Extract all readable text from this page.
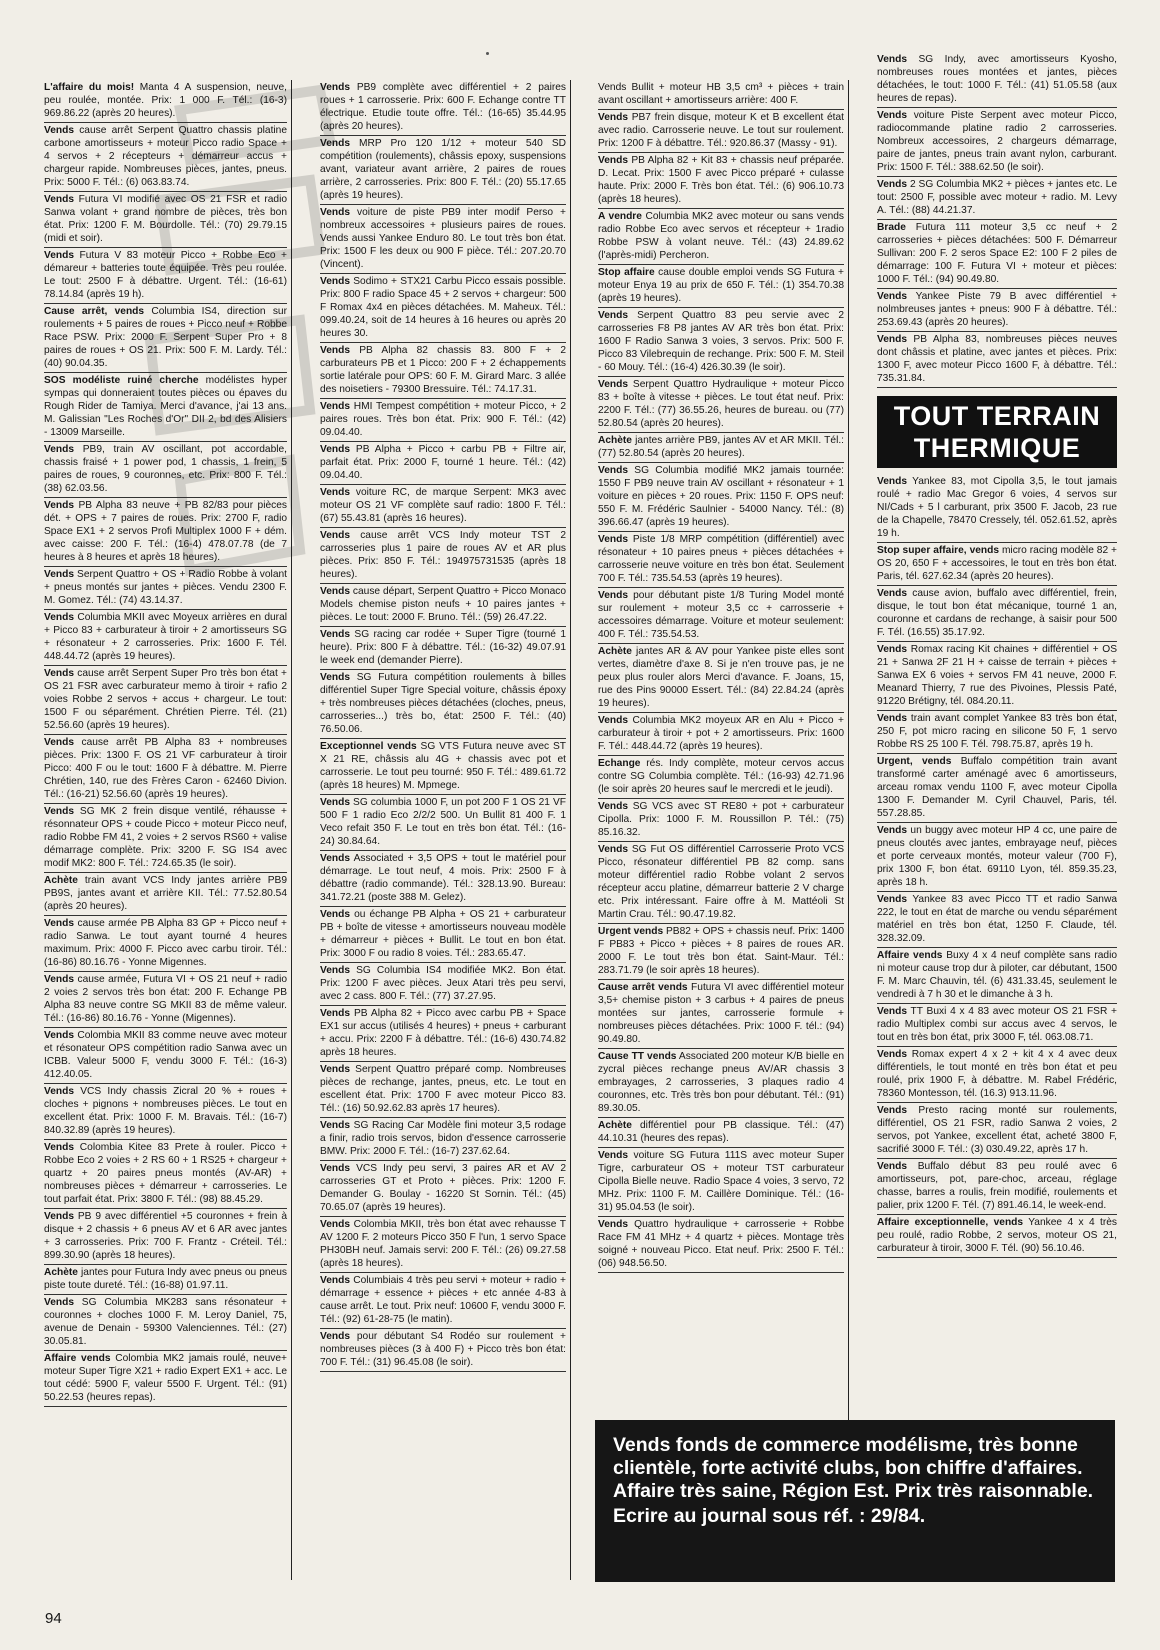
L'affaire du mois! Manta 4 A suspension, neuve, peu roulée, montée. Prix: 1 000 F. Tél.: (16-3) 969.86.22 (après 20 heures).

Vends cause arrêt Serpent Quattro chassis platine carbone amortisseurs + moteur Picco radio Space + 4 servos + 2 récepteurs + démarreur accus + chargeur rapide. Nombreuses pièces, jantes, pneus. Prix: 5000 F. Tél.: (6) 063.83.74.

Vends Futura VI modifié avec OS 21 FSR et radio Sanwa volant + grand nombre de pièces, très bon état. Prix: 1200 F. M. Bourdolle. Tél.: (70) 29.79.15 (midi et soir).

Vends Futura V 83 moteur Picco + Robbe Eco + démareur + batteries toute équipée. Très peu roulée. Le tout: 2500 F à débattre. Urgent. Tél.: (16-61) 78.14.84 (après 19 h).

Cause arrêt, vends Columbia IS4, direction sur roulements + 5 paires de roues + Picco neuf + Robbe Race PSW. Prix: 2000 F. Serpent Super Pro + 8 paires de roues + OS 21. Prix: 500 F. M. Lardy. Tél.: (40) 90.04.35.

SOS modéliste ruiné cherche modélistes hyper sympas qui donneraient toutes pièces ou épaves du Rough Rider de Tamiya. Merci d'avance, j'ai 13 ans. M. Galissian "Les Roches d'Or" DII 2, bd des Alisiers - 13009 Marseille.

Vends PB9, train AV oscillant, pot accordable, chassis fraisé + 1 power pod, 1 chassis, 1 frein, 5 paires de roues, 9 couronnes, etc. Prix: 800 F. Tél.: (38) 62.03.56.

Vends PB Alpha 83 neuve + PB 82/83 pour pièces dét. + OPS + 7 paires de roues. Prix: 2700 F, radio Space EX1 + 2 servos Profi Multiplex 1000 F + dém. avec caisse: 200 F. Tél.: (16-4) 478.07.78 (de 7 heures à 8 heures et après 18 heures).

Vends Serpent Quattro + OS + Radio Robbe à volant + pneus montés sur jantes + pièces. Vendu 2300 F. M. Gomez. Tél.: (74) 43.14.37.

Vends Columbia MKII avec Moyeux arrières en dural + Picco 83 + carburateur à tiroir + 2 amortisseurs SG + résonateur + 2 carrosseries. Prix: 1600 F. Tél. 448.44.72 (après 19 heures).

Vends cause arrêt Serpent Super Pro très bon état + OS 21 FSR avec carburateur memo à tiroir + rafio 2 voies Robbe 2 servos + accus + chargeur. Le tout: 1500 F ou séparément. Chrétien Pierre. Tél. (21) 52.56.60 (après 19 heures).

Vends cause arrêt PB Alpha 83 + nombreuses pièces. Prix: 1300 F. OS 21 VF carburateur à tiroir Picco: 400 F ou le tout: 1600 F à débattre. M. Pierre Chrétien, 140, rue des Frères Caron - 62460 Divion. Tél.: (16-21) 52.56.60 (après 19 heures).

Vends SG MK 2 frein disque ventilé, réhausse + résonnateur OPS + coude Picco + moteur Picco neuf, radio Robbe FM 41, 2 voies + 2 servos RS60 + valise démarrage complète. Prix: 3200 F. SG IS4 avec modif MK2: 800 F. Tél.: 724.65.35 (le soir).

Achète train avant VCS Indy jantes arrière PB9 PB9S, jantes avant et arrière KII. Tél.: 77.52.80.54 (après 20 heures).

Vends cause armée PB Alpha 83 GP + Picco neuf + radio Sanwa. Le tout ayant tourné 4 heures maximum. Prix: 4000 F. Picco avec carbu tiroir. Tél.: (16-86) 80.16.76 - Yonne Migennes.

Vends cause armée, Futura VI + OS 21 neuf + radio 2 voies 2 servos très bon état: 200 F. Echange PB Alpha 83 neuve contre SG MKII 83 de même valeur. Tél.: (16-86) 80.16.76 - Yonne (Migennes).

Vends Colombia MKII 83 comme neuve avec moteur et résonateur OPS compétition radio Sanwa avec un ICBB. Valeur 5000 F, vendu 3000 F. Tél.: (16-3) 412.40.05.

Vends VCS Indy chassis Zicral 20 % + roues + cloches + pignons + nombreuses pièces. Le tout en excellent état. Prix: 1000 F. M. Bravais. Tél.: (16-7) 840.32.89 (après 19 heures).

Vends Colombia Kitee 83 Prete à rouler. Picco + Robbe Eco 2 voies + 2 RS 60 + 1 RS25 + chargeur + quartz + 20 paires pneus montés (AV-AR) + nombreuses pièces + démarreur + carrosseries. Le tout parfait état. Prix: 3800 F. Tél.: (98) 88.45.29.

Vends PB 9 avec différentiel +5 couronnes + frein à disque + 2 chassis + 6 pneus AV et 6 AR avec jantes + 3 carrosseries. Prix: 700 F. Frantz - Créteil. Tél.: 899.30.90 (après 18 heures).

Achète jantes pour Futura Indy avec pneus ou pneus piste toute dureté. Tél.: (16-88) 01.97.11.

Vends SG Columbia MK283 sans résonateur + couronnes + cloches 1000 F. M. Leroy Daniel, 75, avenue de Denain - 59300 Valenciennes. Tél.: (27) 30.05.81.

Affaire vends Colombia MK2 jamais roulé, neuve+ moteur Super Tigre X21 + radio Expert EX1 + acc. Le tout cédé: 5900 F, valeur 5500 F. Urgent. Tél.: (91) 50.22.53 (heures repas).

Vends PB9 complète avec différentiel + 2 paires roues + 1 carrosserie. Prix: 600 F. Echange contre TT électrique. Etudie toute offre. Tél.: (16-65) 35.44.95 (après 20 heures).

Vends MRP Pro 120 1/12 + moteur 540 SD compétition (roulements), châssis epoxy, suspensions avant, variateur avant arrière, 2 paires de roues arrière, 2 carrosseries. Prix: 800 F. Tél.: (20) 55.17.65 (après 19 heures).

Vends voiture de piste PB9 inter modif Perso + nombreux accessoires + plusieurs paires de roues. Vends aussi Yankee Enduro 80. Le tout très bon état. Prix: 1500 F les deux ou 900 F pièce. Tél.: 207.20.70 (Vincent).

Vends Sodimo + STX21 Carbu Picco essais possible. Prix: 800 F radio Space 45 + 2 servos + chargeur: 500 F Romax 4x4 en pièces détachées. M. Maheux. Tél.: 099.40.24, soit de 14 heures à 16 heures ou après 20 heures 30.

Vends PB Alpha 82 chassis 83. 800 F + 2 carburateurs PB et 1 Picco: 200 F + 2 échappements sortie latérale pour OPS: 60 F. M. Girard Marc. 3 allée des noisetiers - 79300 Bressuire. Tél.: 74.17.31.

Vends HMI Tempest compétition + moteur Picco, + 2 paires roues. Très bon état. Prix: 900 F. Tél.: (42) 09.04.40.

Vends PB Alpha + Picco + carbu PB + Filtre air, parfait état. Prix: 2000 F, tourné 1 heure. Tél.: (42) 09.04.40.

Vends voiture RC, de marque Serpent: MK3 avec moteur OS 21 VF complète sauf radio: 1800 F. Tél.: (67) 55.43.81 (après 16 heures).

Vends cause arrêt VCS Indy moteur TST 2 carrosseries plus 1 paire de roues AV et AR plus pièces. Prix: 850 F. Tél.: 194975731535 (après 18 heures).

Vends cause départ, Serpent Quattro + Picco Monaco Models chemise piston neufs + 10 paires jantes + pièces. Le tout: 2000 F. Bruno. Tél.: (59) 26.47.22.

Vends SG racing car rodée + Super Tigre (tourné 1 heure). Prix: 800 F à débattre. Tél.: (16-32) 49.07.91 le week end (demander Pierre).

Vends SG Futura compétition roulements à billes différentiel Super Tigre Special voiture, châssis époxy + très nombreuses pièces détachées (cloches, pneus, carrosseries...) très bo, état: 2500 F. Tél.: (40) 76.50.06.

Exceptionnel vends SG VTS Futura neuve avec ST X 21 RE, châssis alu 4G + chassis avec pot et carrosserie. Le tout peu tourné: 950 F. Tél.: 489.61.72 (après 18 heures) M. Mpmege.

Vends SG columbia 1000 F, un pot 200 F 1 OS 21 VF 500 F 1 radio Eco 2/2/2 500. Un Bullit 81 400 F. 1 Veco refait 350 F. Le tout en très bon état. Tél.: (16-24) 30.84.64.

Vends Associated + 3,5 OPS + tout le matériel pour démarrage. Le tout neuf, 4 mois. Prix: 2500 F à débattre (radio commande). Tél.: 328.13.90. Bureau: 341.72.21 (poste 388 M. Gelez).

Vends ou échange PB Alpha + OS 21 + carburateur PB + boîte de vitesse + amortisseurs nouveau modèle + démarreur + pièces + Bullit. Le tout en bon état. Prix: 3000 F ou radio 8 voies. Tél.: 283.65.47.

Vends SG Columbia IS4 modifiée MK2. Bon état. Prix: 1200 F avec pièces. Jeux Atari très peu servi, avec 2 cass. 800 F. Tél.: (77) 37.27.95.

Vends PB Alpha 82 + Picco avec carbu PB + Space EX1 sur accus (utilisés 4 heures) + pneus + carburant + accu. Prix: 2200 F à débattre. Tél.: (16-6) 430.74.82 après 18 heures.

Vends Serpent Quattro préparé comp. Nombreuses pièces de rechange, jantes, pneus, etc. Le tout en escellent état. Prix: 1700 F avec moteur Picco 83. Tél.: (16) 50.92.62.83 après 17 heures).

Vends SG Racing Car Modèle fini moteur 3,5 rodage a finir, radio trois servos, bidon d'essence carrosserie BMW. Prix: 2000 F. Tél.: (16-7) 237.62.64.

Vends VCS Indy peu servi, 3 paires AR et AV 2 carrosseries GT et Proto + pièces. Prix: 1200 F. Demander G. Boulay - 16220 St Sornin. Tél.: (45) 70.65.07 (après 19 heures).

Vends Colombia MKII, très bon état avec rehausse T AV 1200 F. 2 moteurs Picco 350 F l'un, 1 servo Space PH30BH neuf. Jamais servi: 200 F. Tél.: (26) 09.27.58 (après 18 heures).

Vends Columbiais 4 très peu servi + moteur + radio + démarrage + essence + pièces + etc année 4-83 à cause arrêt. Le tout. Prix neuf: 10600 F, vendu 3000 F. Tél.: (92) 61-28-75 (le matin).

Vends pour débutant S4 Rodéo sur roulement + nombreuses pièces (3 à 400 F) + Picco très bon état: 700 F. Tél.: (31) 96.45.08 (le soir).

Vends Bullit + moteur HB 3,5 cm³ + pièces + train avant oscillant + amortisseurs arrière: 400 F.

Vends PB7 frein disque, moteur K et B excellent état avec radio. Carrosserie neuve. Le tout sur roulement. Prix: 1200 F à débattre. Tél.: 920.86.37 (Massy - 91).

Vends PB Alpha 82 + Kit 83 + chassis neuf préparée. D. Lecat. Prix: 1500 F avec Picco préparé + culasse haute. Prix: 2000 F. Très bon état. Tél.: (6) 906.10.73 (après 18 heures).

A vendre Columbia MK2 avec moteur ou sans vends radio Robbe Eco avec servos et récepteur + 1radio Robbe PSW à volant neuve. Tél.: (43) 24.89.62 (l'après-midi) Percheron.

Stop affaire cause double emploi vends SG Futura + moteur Enya 19 au prix de 650 F. Tél.: (1) 354.70.38 (après 19 heures).

Vends Serpent Quattro 83 peu servie avec 2 carrosseries F8 P8 jantes AV AR très bon état. Prix: 1600 F Radio Sanwa 3 voies, 3 servos. Prix: 500 F. Picco 83 Vilebrequin de rechange. Prix: 500 F. M. Steil - 60 Mouy. Tél.: (16-4) 426.30.39 (le soir).

Vends Serpent Quattro Hydraulique + moteur Picco 83 + boîte à vitesse + pièces. Le tout état neuf. Prix: 2200 F. Tél.: (77) 36.55.26, heures de bureau. ou (77) 52.80.54 (après 20 heures).

Achète jantes arrière PB9, jantes AV et AR MKII. Tél.: (77) 52.80.54 (après 20 heures).

Vends SG Columbia modifié MK2 jamais tournée: 1550 F PB9 neuve train AV oscillant + résonateur + 1 voiture en pièces + 20 roues. Prix: 1150 F. OPS neuf: 550 F. M. Frédéric Saulnier - 54000 Nancy. Tél.: (8) 396.66.47 (après 19 heures).

Vends Piste 1/8 MRP compétition (différentiel) avec résonateur + 10 paires pneus + pièces détachées + carrosserie neuve voiture en très bon état. Seulement 700 F. Tél.: 735.54.53 (après 19 heures).

Vends pour débutant piste 1/8 Turing Model monté sur roulement + moteur 3,5 cc + carrosserie + accessoires démarrage. Voiture et moteur seulement: 400 F. Tél.: 735.54.53.

Achète jantes AR & AV pour Yankee piste elles sont vertes, diamètre d'axe 8. Si je n'en trouve pas, je ne peux plus rouler alors Merci d'avance. F. Joans, 15, rue des Pins 90000 Essert. Tél.: (84) 22.84.24 (après 19 heures).

Vends Columbia MK2 moyeux AR en Alu + Picco + carburateur à tiroir + pot + 2 amortisseurs. Prix: 1600 F. Tél.: 448.44.72 (après 19 heures).

Echange rés. Indy complète, moteur cervos accus contre SG Columbia complète. Tél.: (16-93) 42.71.96 (le soir après 20 heures sauf le mercredi et le jeudi).

Vends SG VCS avec ST RE80 + pot + carburateur Cipolla. Prix: 1000 F. M. Roussillon P. Tél.: (75) 85.16.32.

Vends SG Fut OS différentiel Carrosserie Proto VCS Picco, résonateur différentiel PB 82 comp. sans moteur différentiel radio Robbe volant 2 servos récepteur accu platine, démarreur batterie 2 V charge etc. Prix intéressant. Faire offre à M. Mattéoli St Martin Crau. Tél.: 90.47.19.82.

Urgent vends PB82 + OPS + chassis neuf. Prix: 1400 F PB83 + Picco + pièces + 8 paires de roues AR. 2000 F. Le tout très bon état. Saint-Maur. Tél.: 283.71.79 (le soir après 18 heures).

Cause arrêt vends Futura VI avec différentiel moteur 3,5+ chemise piston + 3 carbus + 4 paires de pneus montées sur jantes, carrosserie formule + nombreuses pièces détachées. Prix: 1000 F. tél.: (94) 90.49.80.

Cause TT vends Associated 200 moteur K/B bielle en zycral pièces rechange pneus AV/AR chassis 3 embrayages, 2 carrosseries, 3 plaques radio 4 couronnes, etc. Très très bon pour débutant. Tél.: (91) 89.30.05.

Achète différentiel pour PB classique. Tél.: (47) 44.10.31 (heures des repas).

Vends voiture SG Futura 111S avec moteur Super Tigre, carburateur OS + moteur TST carburateur Cipolla Bielle neuve. Radio Space 4 voies, 3 servo, 72 MHz. Prix: 1100 F. M. Caillère Dominique. Tél.: (16-31) 95.04.53 (le soir).

Vends Quattro hydraulique + carrosserie + Robbe Race FM 41 MHz + 4 quartz + pièces. Montage très soigné + nouveau Picco. Etat neuf. Prix: 2500 F. Tél.: (06) 948.56.50.

Vends SG Indy, avec amortisseurs Kyosho, nombreuses roues montées et jantes, pièces détachées, le tout: 1000 F. Tél.: (41) 51.05.58 (aux heures de repas).

Vends voiture Piste Serpent avec moteur Picco, radiocommande platine radio 2 carrosseries. Nombreux accessoires, 2 chargeurs démarrage, paire de jantes, pneus train avant nylon, carburant. Prix: 1500 F. Tél.: 388.62.50 (le soir).

Vends 2 SG Columbia MK2 + pièces + jantes etc. Le tout: 2500 F, possible avec moteur + radio. M. Levy A. Tél.: (88) 44.21.37.

Brade Futura 111 moteur 3,5 cc neuf + 2 carrosseries + pièces détachées: 500 F. Démarreur Sullivan: 200 F. 2 seros Space E2: 100 F 2 piles de démarrage: 100 F. Futura VI + moteur et pièces: 1000 F. Tél.: (94) 90.49.80.

Vends Yankee Piste 79 B avec différentiel + nolmbreuses jantes + pneus: 900 F à débattre. Tél.: 253.69.43 (après 20 heures).

Vends PB Alpha 83, nombreuses pièces neuves dont châssis et platine, avec jantes et pièces. Prix: 1300 F, avec moteur Picco 1600 F, à débattre. Tél.: 735.31.84.

TOUT TERRAIN
THERMIQUE

Vends Yankee 83, mot Cipolla 3,5, le tout jamais roulé + radio Mac Gregor 6 voies, 4 servos sur NI/Cads + 5 l carburant, prix 3500 F. Jacob, 23 rue de la Chapelle, 78470 Cressely, tél. 052.61.52, après 19 h.

Stop super affaire, vends micro racing modèle 82 + OS 20, 650 F + accessoires, le tout en très bon état. Paris, tél. 627.62.34 (après 20 heures).

Vends cause avion, buffalo avec différentiel, frein, disque, le tout bon état mécanique, tourné 1 an, couronne et cardans de rechange, à saisir pour 500 F. Tél. (16.55) 35.17.92.

Vends Romax racing Kit chaines + différentiel + OS 21 + Sanwa 2F 21 H + caisse de terrain + pièces + Sanwa EX 6 voies + servos FM 41 neuve, 2000 F. Meanard Thierry, 7 rue des Pivoines, Plessis Paté, 91220 Brétigny, tél. 084.20.11.

Vends train avant complet Yankee 83 très bon état, 250 F, pot micro racing en silicone 50 F, 1 servo Robbe RS 25 100 F. Tél. 798.75.87, après 19 h.

Urgent, vends Buffalo compétition train avant transformé carter aménagé avec 6 amortisseurs, arceau romax vendu 1100 F, avec moteur Cipolla 1300 F. Demander M. Cyril Chauvel, Paris, tél. 557.28.85.

Vends un buggy avec moteur HP 4 cc, une paire de pneus cloutés avec jantes, embrayage neuf, pièces et porte cerveaux montés, moteur valeur (700 F), prix 1300 F, bon état. 69110 Lyon, tél. 859.35.23, après 18 h.

Vends Yankee 83 avec Picco TT et radio Sanwa 222, le tout en état de marche ou vendu séparément matériel en très bon état, 1250 F. Claude, tél. 328.32.09.

Affaire vends Buxy 4 x 4 neuf complète sans radio ni moteur cause trop dur à piloter, car débutant, 1500 F. M. Marc Chauvin, tél. (6) 431.33.45, seulement le vendredi à 7 h 30 et le dimanche à 3 h.

Vends TT Buxi 4 x 4 83 avec moteur OS 21 FSR + radio Multiplex combi sur accus avec 4 servos, le tout en très bon état, prix 3000 F, tél. 063.08.71.

Vends Romax expert 4 x 2 + kit 4 x 4 avec deux différentiels, le tout monté en très bon état et peu roulé, prix 1900 F, à débattre. M. Rabel Frédéric, 78360 Montesson, tél. (16.3) 913.11.96.

Vends Presto racing monté sur roulements, différentiel, OS 21 FSR, radio Sanwa 2 voies, 2 servos, pot Yankee, excellent état, acheté 3800 F, sacrifié 3000 F. Tél.: (3) 030.49.22, après 17 h.

Vends Buffalo début 83 peu roulé avec 6 amortisseurs, pot, pare-choc, arceau, réglage chasse, barres a roulis, frein modifié, roulements et palier, prix 1200 F. Tél. (7) 891.46.14, le week-end.

Affaire exceptionnelle, vends Yankee 4 x 4 très peu roulé, radio Robbe, 2 servos, moteur OS 21, carburateur à tiroir, 3000 F. Tél. (90) 56.10.46.

Vends fonds de commerce modélisme, très bonne clientèle, forte activité clubs, bon chiffre d'affaires. Affaire très saine, Région Est. Prix très raisonnable.
Ecrire au journal sous réf. : 29/84.
94
